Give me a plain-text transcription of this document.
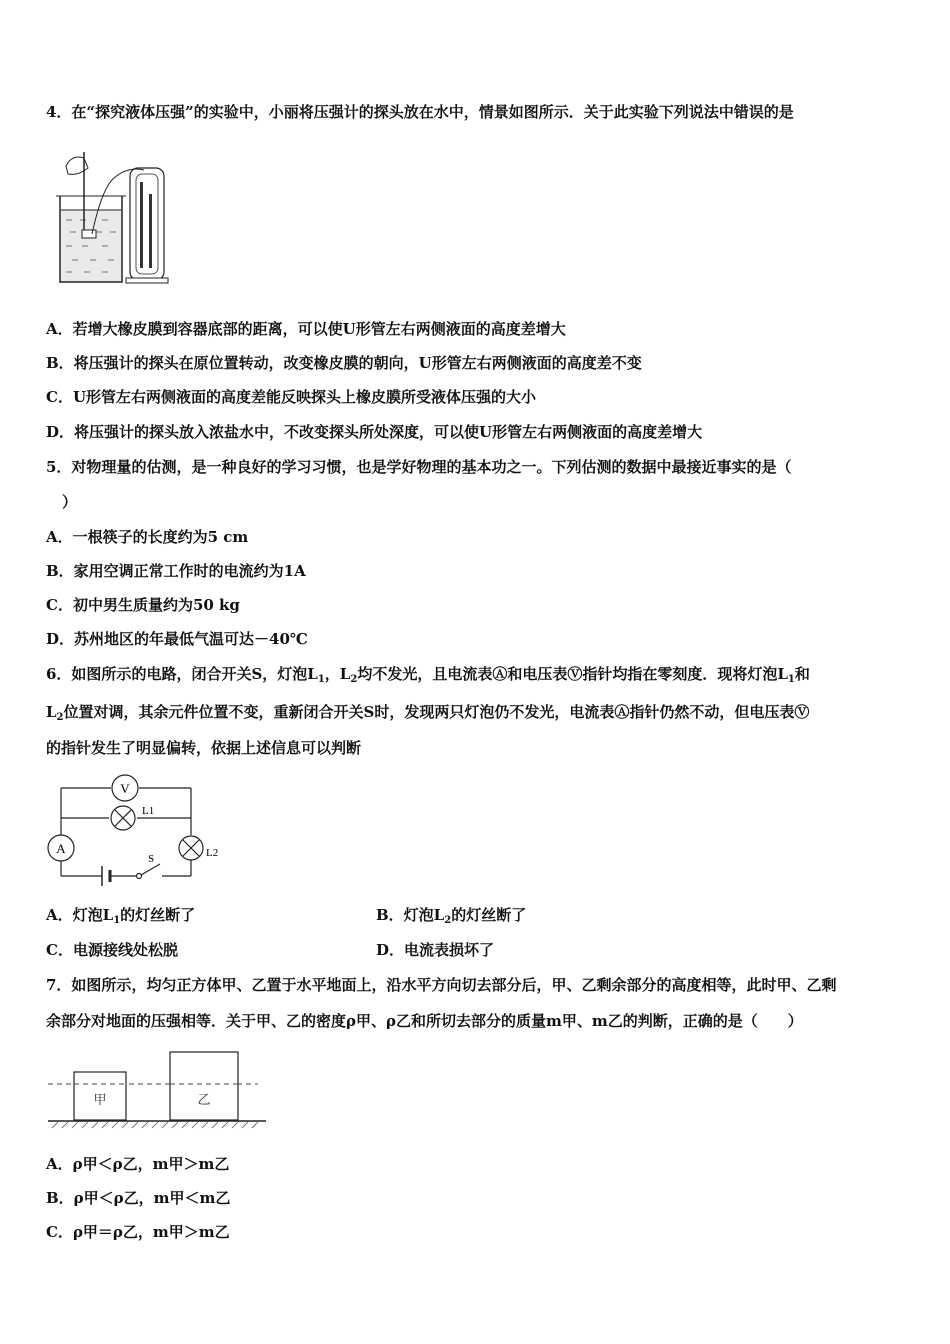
4．在“探究液体压强”的实验中，小丽将压强计的探头放在水中，情景如图所示．关于此实验下列说法中错误的是
A．若增大橡皮膜到容器底部的距离，可以使U形管左右两侧液面的高度差增大
B．将压强计的探头在原位置转动，改变橡皮膜的朝向，U形管左右两侧液面的高度差不变
C．U形管左右两侧液面的高度差能反映探头上橡皮膜所受液体压强的大小
D．将压强计的探头放入浓盐水中，不改变探头所处深度，可以使U形管左右两侧液面的高度差增大
5．对物理量的估测，是一种良好的学习习惯，也是学好物理的基本功之一。下列估测的数据中最接近事实的是（
）
A．一根筷子的长度约为5 cm
B．家用空调正常工作时的电流约为1A
C．初中男生质量约为50 kg
D．苏州地区的年最低气温可达－40℃
6．如图所示的电路，闭合开关S，灯泡$L_1$，$L_2$均不发光，且电流表Ⓐ和电压表Ⓥ指针均指在零刻度．现将灯泡$L_1$和
$L_2$位置对调，其余元件位置不变，重新闭合开关S时，发现两只灯泡仍不发光，电流表Ⓐ指针仍然不动，但电压表Ⓥ
的指针发生了明显偏转，依据上述信息可以判断
V
A
L1
L2
S
A．灯泡$L_1$的灯丝断了	B．灯泡$L_2$的灯丝断了
C．电源接线处松脱	D．电流表损坏了
7．如图所示，均匀正方体甲、乙置于水平地面上，沿水平方向切去部分后，甲、乙剩余部分的高度相等，此时甲、乙剩
余部分对地面的压强相等．关于甲、乙的密度ρ甲、ρ乙和所切去部分的质量m甲、m乙的判断，正确的是（　　）
甲	乙
A．ρ甲＜ρ乙，m甲＞m乙
B．ρ甲＜ρ乙，m甲＜m乙
C．ρ甲＝ρ乙，m甲＞m乙
